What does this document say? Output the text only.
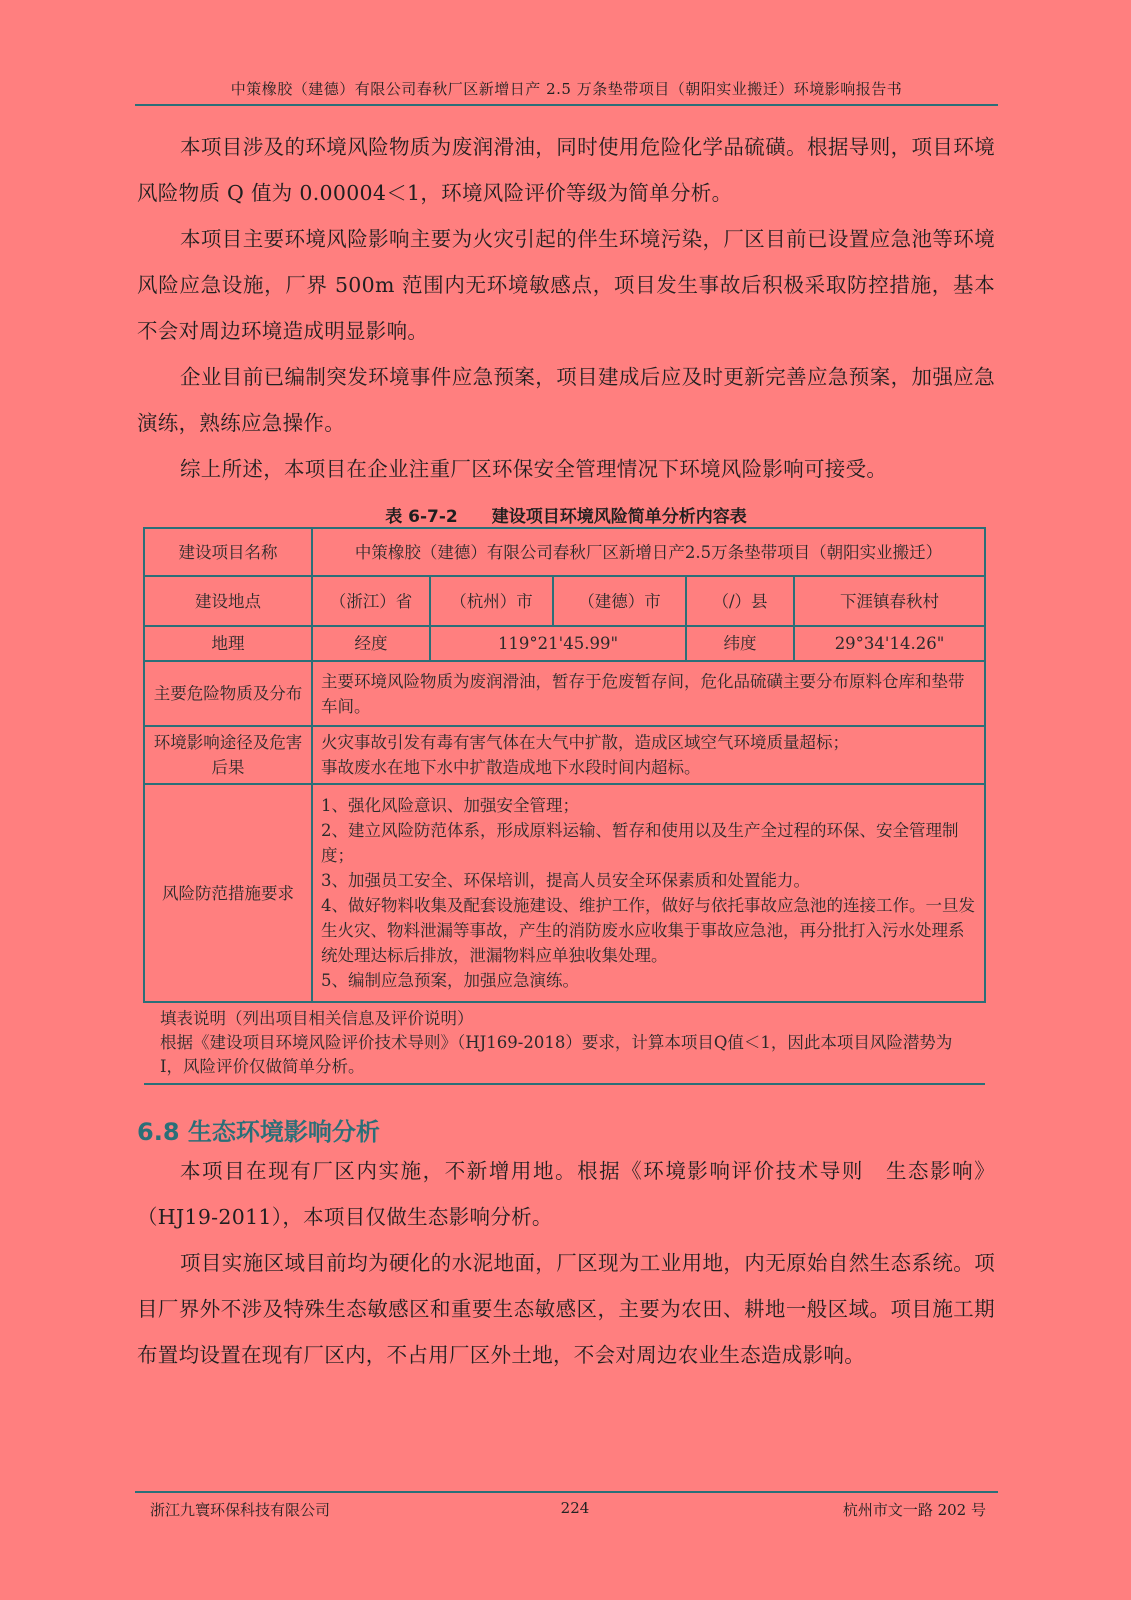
中策橡胶（建德）有限公司春秋厂区新增日产 2.5 万条垫带项目（朝阳实业搬迁）环境影响报告书

本项目涉及的环境风险物质为废润滑油，同时使用危险化学品硫磺。根据导则，项目环境风险物质 Q 值为 0.00004＜1，环境风险评价等级为简单分析。

本项目主要环境风险影响主要为火灾引起的伴生环境污染，厂区目前已设置应急池等环境风险应急设施，厂界 500m 范围内无环境敏感点，项目发生事故后积极采取防控措施，基本不会对周边环境造成明显影响。

企业目前已编制突发环境事件应急预案，项目建成后应及时更新完善应急预案，加强应急演练，熟练应急操作。

综上所述，本项目在企业注重厂区环保安全管理情况下环境风险影响可接受。

表 6-7-2　　建设项目环境风险简单分析内容表
建设项目名称	中策橡胶（建德）有限公司春秋厂区新增日产2.5万条垫带项目（朝阳实业搬迁）				
建设地点	（浙江）省	（杭州）市	（建德）市	（/）县	下涯镇春秋村
地理	经度	119°21'45.99"		纬度	29°34'14.26"
主要危险物质及分布	主要环境风险物质为废润滑油，暂存于危废暂存间，危化品硫磺主要分布原料仓库和垫带车间。				
环境影响途径及危害后果	火灾事故引发有毒有害气体在大气中扩散，造成区域空气环境质量超标；
事故废水在地下水中扩散造成地下水段时间内超标。				

风险防范措施要求	1、强化风险意识、加强安全管理；
2、建立风险防范体系，形成原料运输、暂存和使用以及生产全过程的环保、安全管理制度；
3、加强员工安全、环保培训，提高人员安全环保素质和处置能力。
4、做好物料收集及配套设施建设、维护工作，做好与依托事故应急池的连接工作。一旦发生火灾、物料泄漏等事故，产生的消防废水应收集于事故应急池，再分批打入污水处理系统处理达标后排放，泄漏物料应单独收集处理。
5、编制应急预案，加强应急演练。				

填表说明（列出项目相关信息及评价说明）
根据《建设项目环境风险评价技术导则》（HJ169-2018）要求，计算本项目Q值＜1，因此本项目风险潜势为I，风险评价仅做简单分析。					
6.8 生态环境影响分析

本项目在现有厂区内实施，不新增用地。根据《环境影响评价技术导则　生态影响》（HJ19-2011），本项目仅做生态影响分析。

项目实施区域目前均为硬化的水泥地面，厂区现为工业用地，内无原始自然生态系统。项目厂界外不涉及特殊生态敏感区和重要生态敏感区，主要为农田、耕地一般区域。项目施工期布置均设置在现有厂区内，不占用厂区外土地，不会对周边农业生态造成影响。

浙江九寰环保科技有限公司	224	杭州市文一路 202 号
